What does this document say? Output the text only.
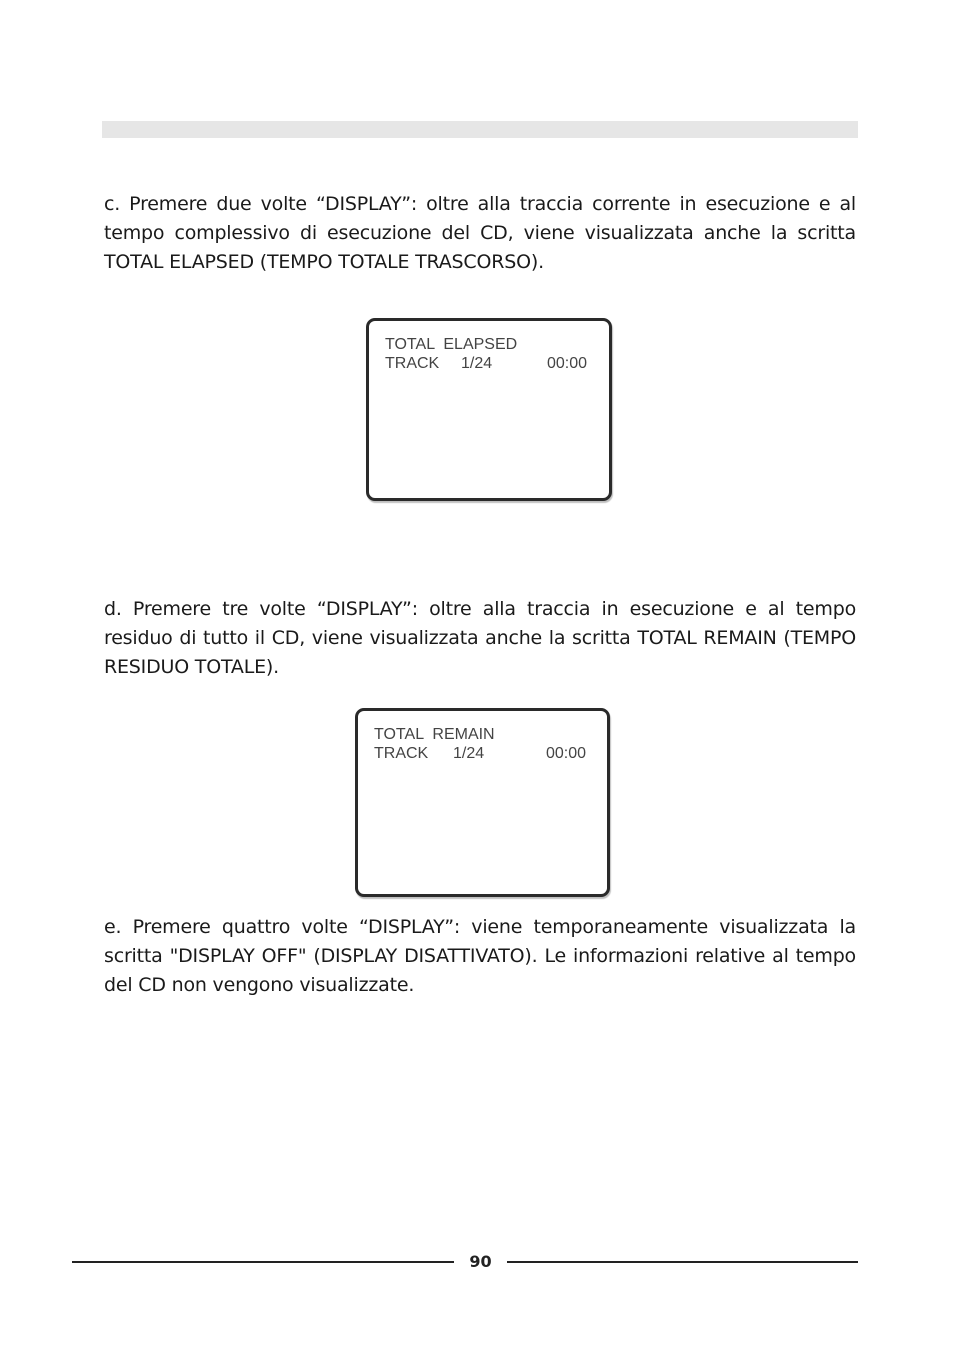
c. Premere due volte “DISPLAY”: oltre alla traccia corrente in esecuzione e al tempo complessivo di esecuzione del CD, viene visualizzata anche la scritta TOTAL ELAPSED (TEMPO TOTALE TRASCORSO).

TOTAL  ELAPSED
TRACK 1/24	00:00

d. Premere tre volte “DISPLAY”: oltre alla traccia in esecuzione e al tempo residuo di tutto il CD, viene visualizzata anche la scritta TOTAL REMAIN (TEMPO RESIDUO TOTALE).

TOTAL  REMAIN
TRACK 1/24	00:00

e. Premere quattro volte “DISPLAY”: viene temporaneamente visualizzata la scritta "DISPLAY OFF" (DISPLAY DISATTIVATO). Le informazioni relative al tempo del CD non vengono visualizzate.

90
